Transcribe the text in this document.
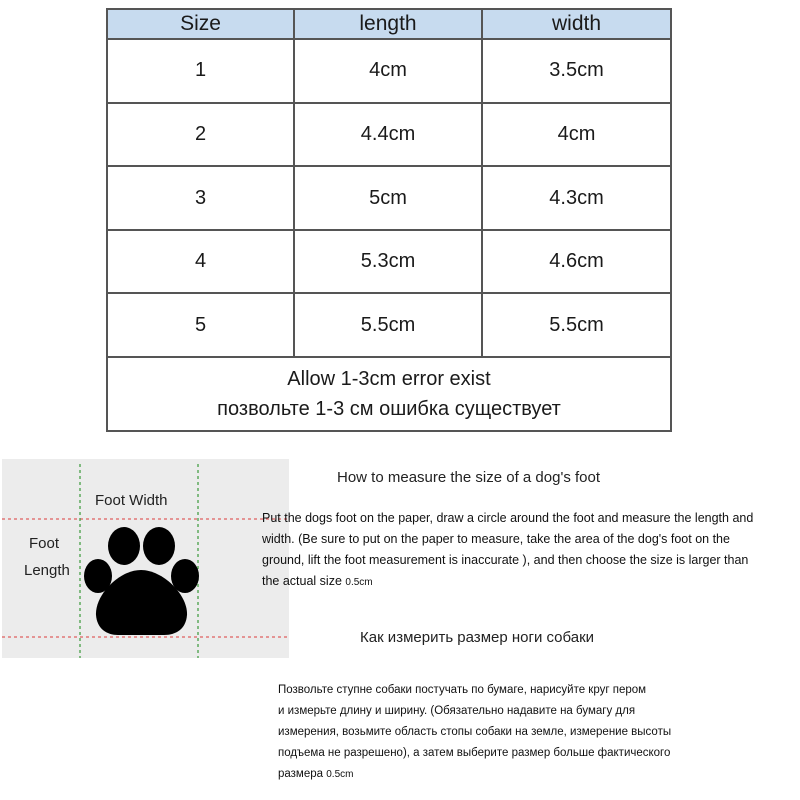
Size	length	width
1	4cm	3.5cm
2	4.4cm	4cm
3	5cm	4.3cm
4	5.3cm	4.6cm
5	5.5cm	5.5cm

Allow 1-3cm error exist
позвольте 1-3 см ошибка существует		
Foot Width
Foot
Length
How to measure the size of a dog's foot
Put the dogs foot on the paper, draw a circle around the foot and measure the length and width. (Be sure to put on the paper to measure, take the area of the dog's foot on the ground, lift the foot measurement is inaccurate ), and then choose the size is larger than the actual size 0.5cm
Как измерить размер ноги собаки
Позвольте ступне собаки постучать по бумаге, нарисуйте круг пером
и измерьте длину и ширину. (Обязательно надавите на бумагу для
измерения, возьмите область стопы собаки на земле, измерение высоты
подъема не разрешено), а затем выберите размер больше фактического
размера 0.5cm
